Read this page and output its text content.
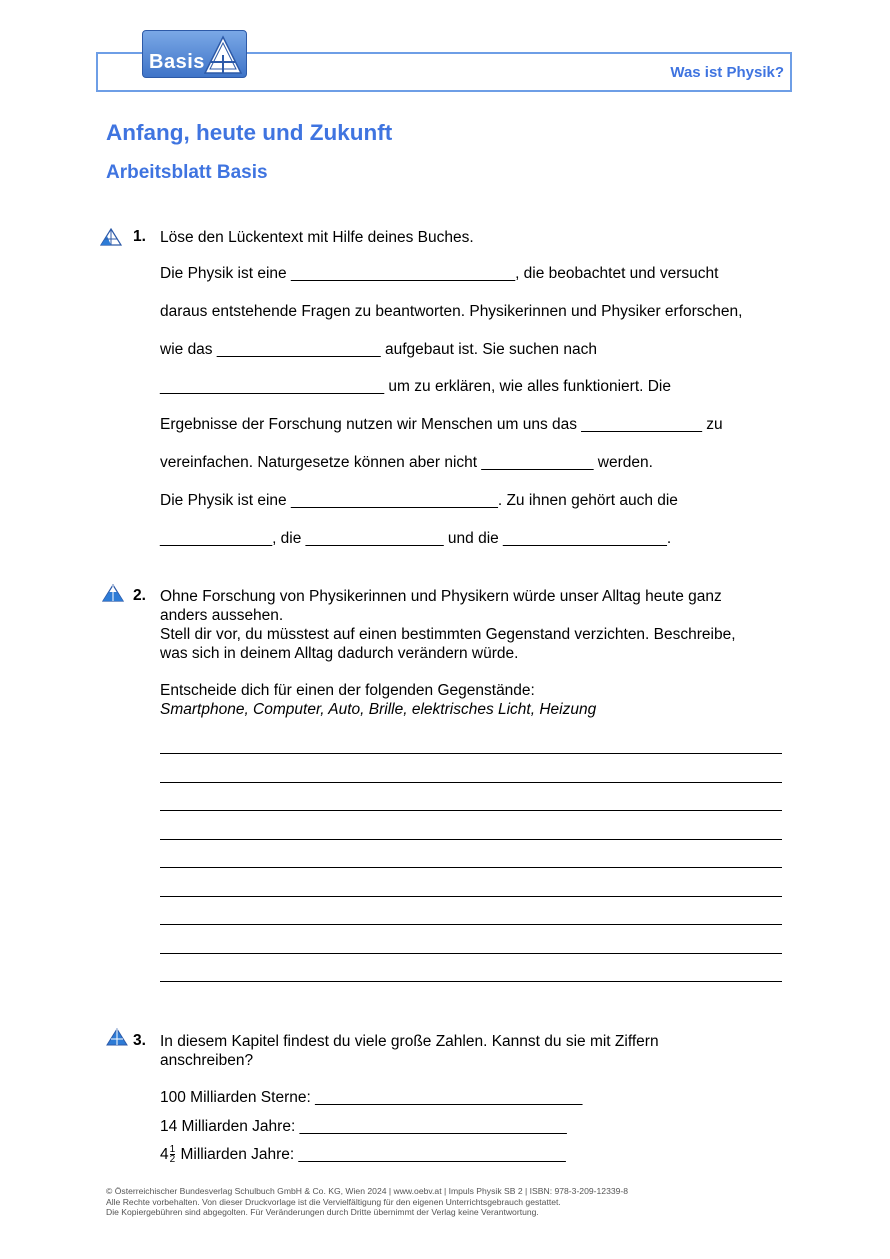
Basis	Was ist Physik?
Anfang, heute und Zukunft
Arbeitsblatt Basis
1. Löse den Lückentext mit Hilfe deines Buches.
Die Physik ist eine __________________________, die beobachtet und versucht
daraus entstehende Fragen zu beantworten. Physikerinnen und Physiker erforschen,
wie das ___________________ aufgebaut ist. Sie suchen nach
__________________________ um zu erklären, wie alles funktioniert. Die
Ergebnisse der Forschung nutzen wir Menschen um uns das ______________ zu
vereinfachen. Naturgesetze können aber nicht _____________ werden.
Die Physik ist eine ________________________. Zu ihnen gehört auch die
_____________, die ________________ und die ___________________.
2. Ohne Forschung von Physikerinnen und Physikern würde unser Alltag heute ganz
anders aussehen.
Stell dir vor, du müsstest auf einen bestimmten Gegenstand verzichten. Beschreibe,
was sich in deinem Alltag dadurch verändern würde.
Entscheide dich für einen der folgenden Gegenstände:
Smartphone, Computer, Auto, Brille, elektrisches Licht, Heizung
3. In diesem Kapitel findest du viele große Zahlen. Kannst du sie mit Ziffern
anschreiben?
100 Milliarden Sterne: _______________________________
14 Milliarden Jahre: _______________________________
$4 \frac{1}{2}$ Milliarden Jahre: _______________________________
© Österreichischer Bundesverlag Schulbuch GmbH & Co. KG, Wien 2024 | www.oebv.at | Impuls Physik SB 2 | ISBN: 978-3-209-12339-8
Alle Rechte vorbehalten. Von dieser Druckvorlage ist die Vervielfältigung für den eigenen Unterrichtsgebrauch gestattet.
Die Kopiergebühren sind abgegolten. Für Veränderungen durch Dritte übernimmt der Verlag keine Verantwortung.
